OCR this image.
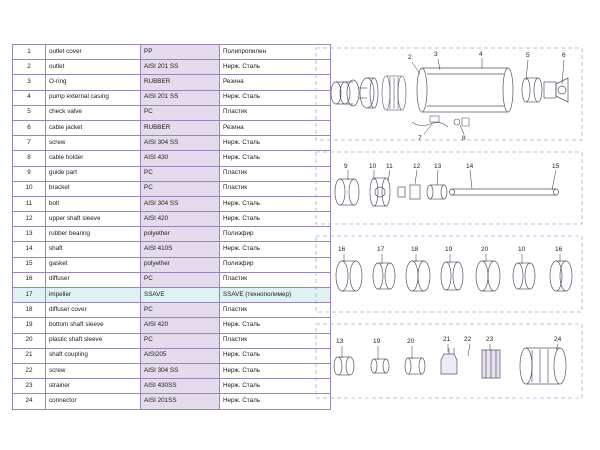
1	outlet cover	PP	Полипропилен
2	outlet	AISI 201 SS	Нерж. Сталь
3	O-ring	RUBBER	Резина
4	pump external casing	AISI 201 SS	Нерж. Сталь
5	check valve	PC	Пластик
6	cable jacket	RUBBER	Резина
7	screw	AISI 304 SS	Нерж. Сталь
8	cable holder	AISI 430	Нерж. Сталь
9	guide part	PC	Пластик
10	bracket	PC	Пластик
11	bolt	AISI 304 SS	Нерж. Сталь
12	upper shaft sleeve	AISI 420	Нерж. Сталь
13	rubber bearing	polyether	Полиэфир
14	shaft	AISI 410S	Нерж. Сталь
15	gasket	polyether	Полиэфир
16	diffuser	PC	Пластик
17	impeller	SSAVE	SSAVE (технополимер)
18	diffuser cover	PC	Пластик
19	bottom shaft sleeve	AISI 420	Нерж. Сталь
20	plastic shaft sleeve	PC	Пластик
21	shaft coupling	AISI205	Нерж. Сталь
22	screw	AISI 304 SS	Нерж. Сталь
23	strainer	AISI 430SS	Нерж. Сталь
24	connector	AISI 201SS	Нерж. Сталь
2	3	4	5	6
7	8
9	10 11	12 13	14	15
16	17	18	19	20	10	16
13	19	20	21 22 23	24
